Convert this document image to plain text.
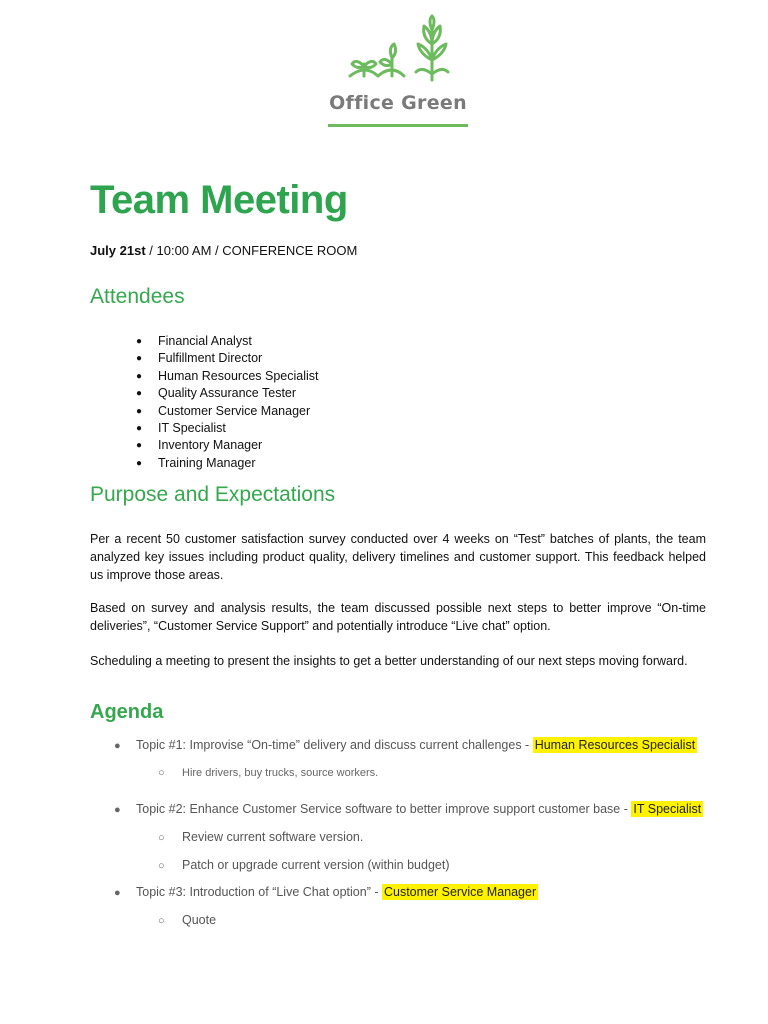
Office Green
Team Meeting
July 21st / 10:00 AM / CONFERENCE ROOM
Attendees
● Financial Analyst
● Fulfillment Director
● Human Resources Specialist
● Quality Assurance Tester
● Customer Service Manager
● IT Specialist
● Inventory Manager
● Training Manager
Purpose and Expectations

Per a recent 50 customer satisfaction survey conducted over 4 weeks on “Test” batches of plants, the team analyzed key issues including product quality, delivery timelines and customer support. This feedback helped us improve those areas.

Based on survey and analysis results, the team discussed possible next steps to better improve “On-time deliveries”, “Customer Service Support” and potentially introduce “Live chat” option.

Scheduling a meeting to present the insights to get a better understanding of our next steps moving forward.

Agenda
● Topic #1: Improvise “On-time” delivery and discuss current challenges - Human Resources Specialist
○ Hire drivers, buy trucks, source workers.
● Topic #2: Enhance Customer Service software to better improve support customer base - IT Specialist
○ Review current software version.
○ Patch or upgrade current version (within budget)
● Topic #3: Introduction of “Live Chat option” - Customer Service Manager
○ Quote
